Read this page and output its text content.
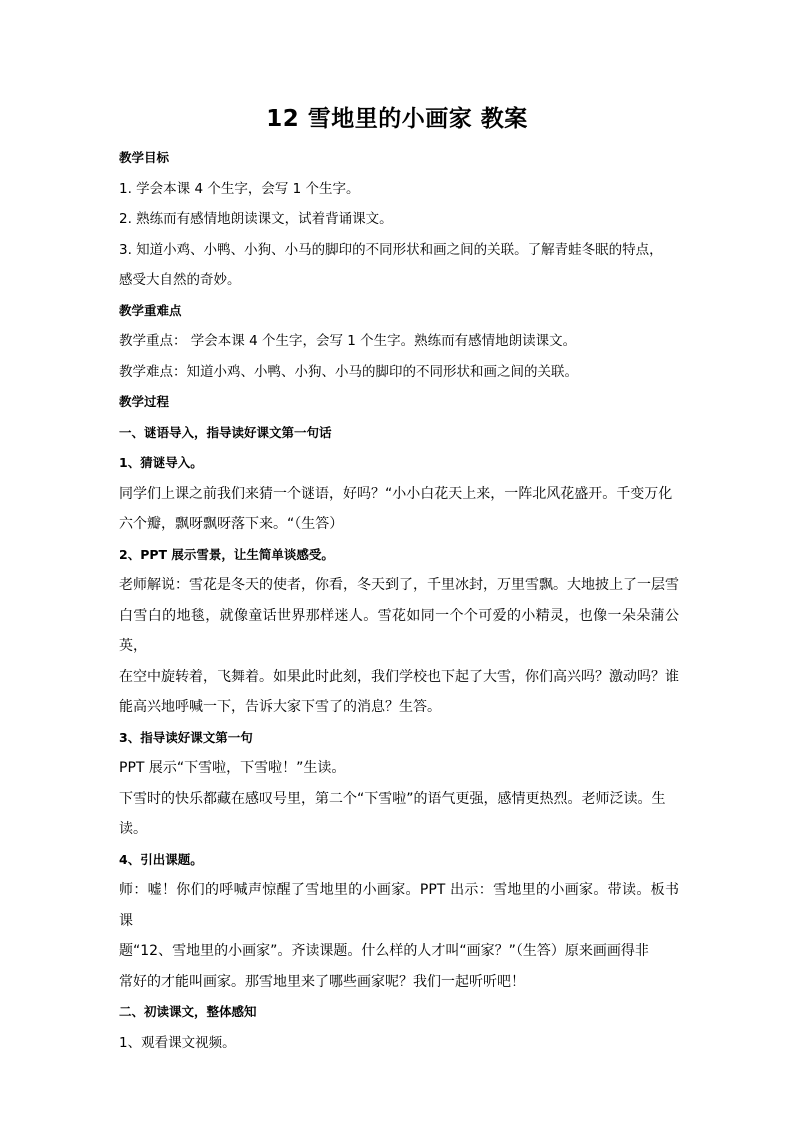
12 雪地里的小画家 教案

教学目标

1. 学会本课 4 个生字，会写 1 个生字。

2. 熟练而有感情地朗读课文，试着背诵课文。

3. 知道小鸡、小鸭、小狗、小马的脚印的不同形状和画之间的关联。了解青蛙冬眠的特点，

感受大自然的奇妙。

教学重难点

教学重点： 学会本课 4 个生字，会写 1 个生字。熟练而有感情地朗读课文。

教学难点：知道小鸡、小鸭、小狗、小马的脚印的不同形状和画之间的关联。

教学过程

一、谜语导入，指导读好课文第一句话

1、猜谜导入。

同学们上课之前我们来猜一个谜语，好吗？“小小白花天上来，一阵北风花盛开。千变万化

六个瓣，飘呀飘呀落下来。“（生答）

2、PPT 展示雪景，让生简单谈感受。

老师解说：雪花是冬天的使者，你看，冬天到了，千里冰封，万里雪飘。大地披上了一层雪

白雪白的地毯，就像童话世界那样迷人。雪花如同一个个可爱的小精灵，也像一朵朵蒲公英，

在空中旋转着，飞舞着。如果此时此刻，我们学校也下起了大雪，你们高兴吗？激动吗？谁

能高兴地呼喊一下，告诉大家下雪了的消息？生答。

3、指导读好课文第一句

PPT 展示“下雪啦，下雪啦！”生读。

下雪时的快乐都藏在感叹号里，第二个“下雪啦”的语气更强，感情更热烈。老师泛读。生

读。

4、引出课题。

师：嘘！你们的呼喊声惊醒了雪地里的小画家。PPT 出示：雪地里的小画家。带读。板书课

题“12、雪地里的小画家”。齐读课题。什么样的人才叫“画家？”（生答）原来画画得非

常好的才能叫画家。那雪地里来了哪些画家呢？我们一起听听吧！

二、初读课文，整体感知

1、观看课文视频。
